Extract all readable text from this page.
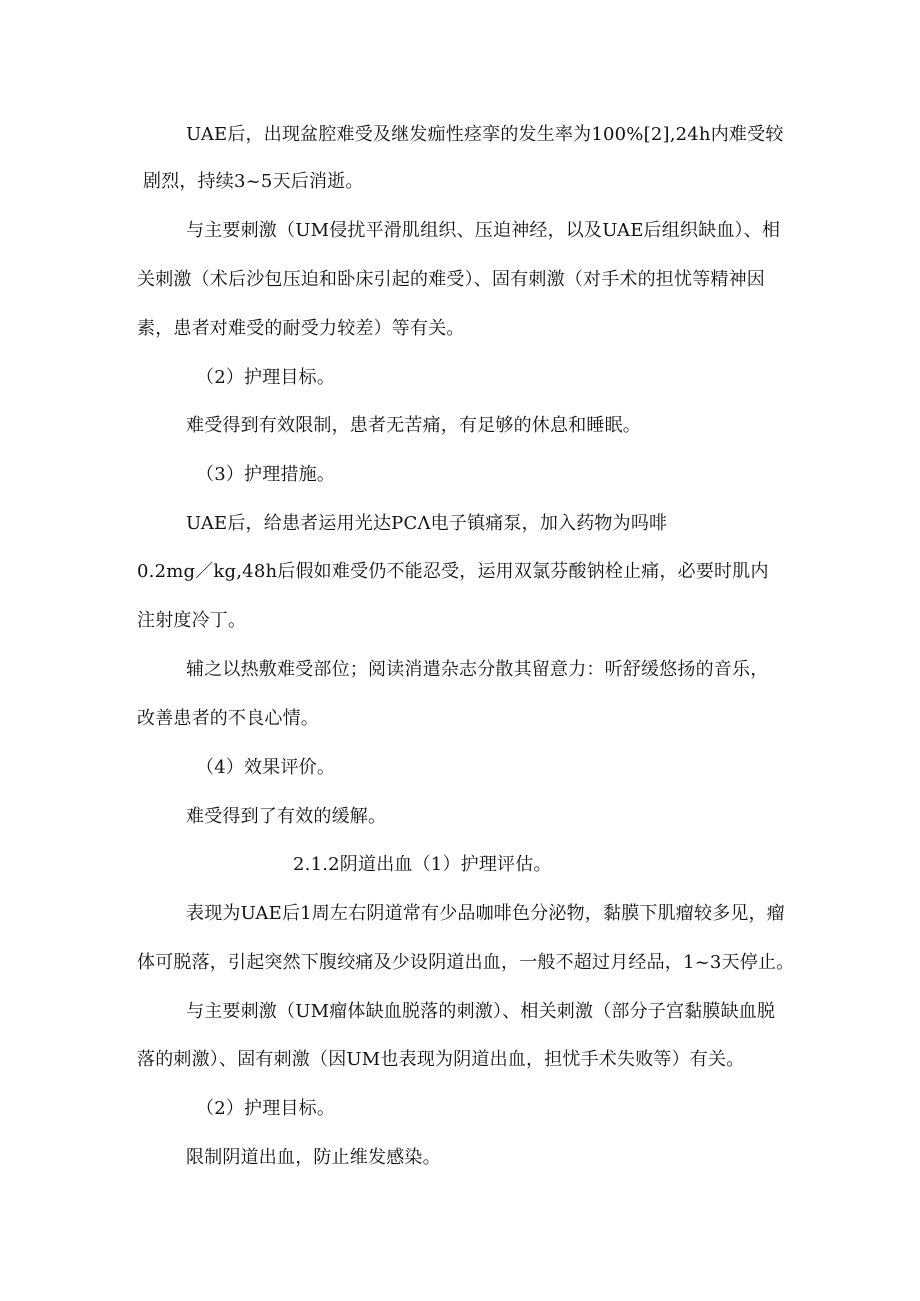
UAE后，出现盆腔难受及继发痂性痉挛的发生率为100%[2],24h内难受较
剧烈，持续3~5天后消逝。
与主要刺激（UM侵扰平滑肌组织、压迫神经，以及UAE后组织缺血）、相
关刺激（术后沙包压迫和卧床引起的难受）、固有刺激（对手术的担忧等精神因
素，患者对难受的耐受力较差）等有关。
（2）护理目标。
难受得到有效限制，患者无苦痛，有足够的休息和睡眠。
（3）护理措施。
UAE后，给患者运用光达PCΛ电子镇痛泵，加入药物为吗啡
0.2mg／kg,48h后假如难受仍不能忍受，运用双氯芬酸钠栓止痛，必要时肌内
注射度冷丁。
辅之以热敷难受部位；阅读消遣杂志分散其留意力：听舒缓悠扬的音乐，
改善患者的不良心情。
（4）效果评价。
难受得到了有效的缓解。
2.1.2阴道出血（1）护理评估。
表现为UAE后1周左右阴道常有少品咖啡色分泌物，黏膜下肌瘤较多见，瘤
体可脱落，引起突然下腹绞痛及少设阴道出血，一般不超过月经品，1~3天停止。
与主要刺激（UM瘤体缺血脱落的刺激）、相关刺激（部分子宫黏膜缺血脱
落的刺激）、固有刺激（因UM也表现为阴道出血，担忧手术失败等）有关。
（2）护理目标。
限制阴道出血，防止维发感染。
